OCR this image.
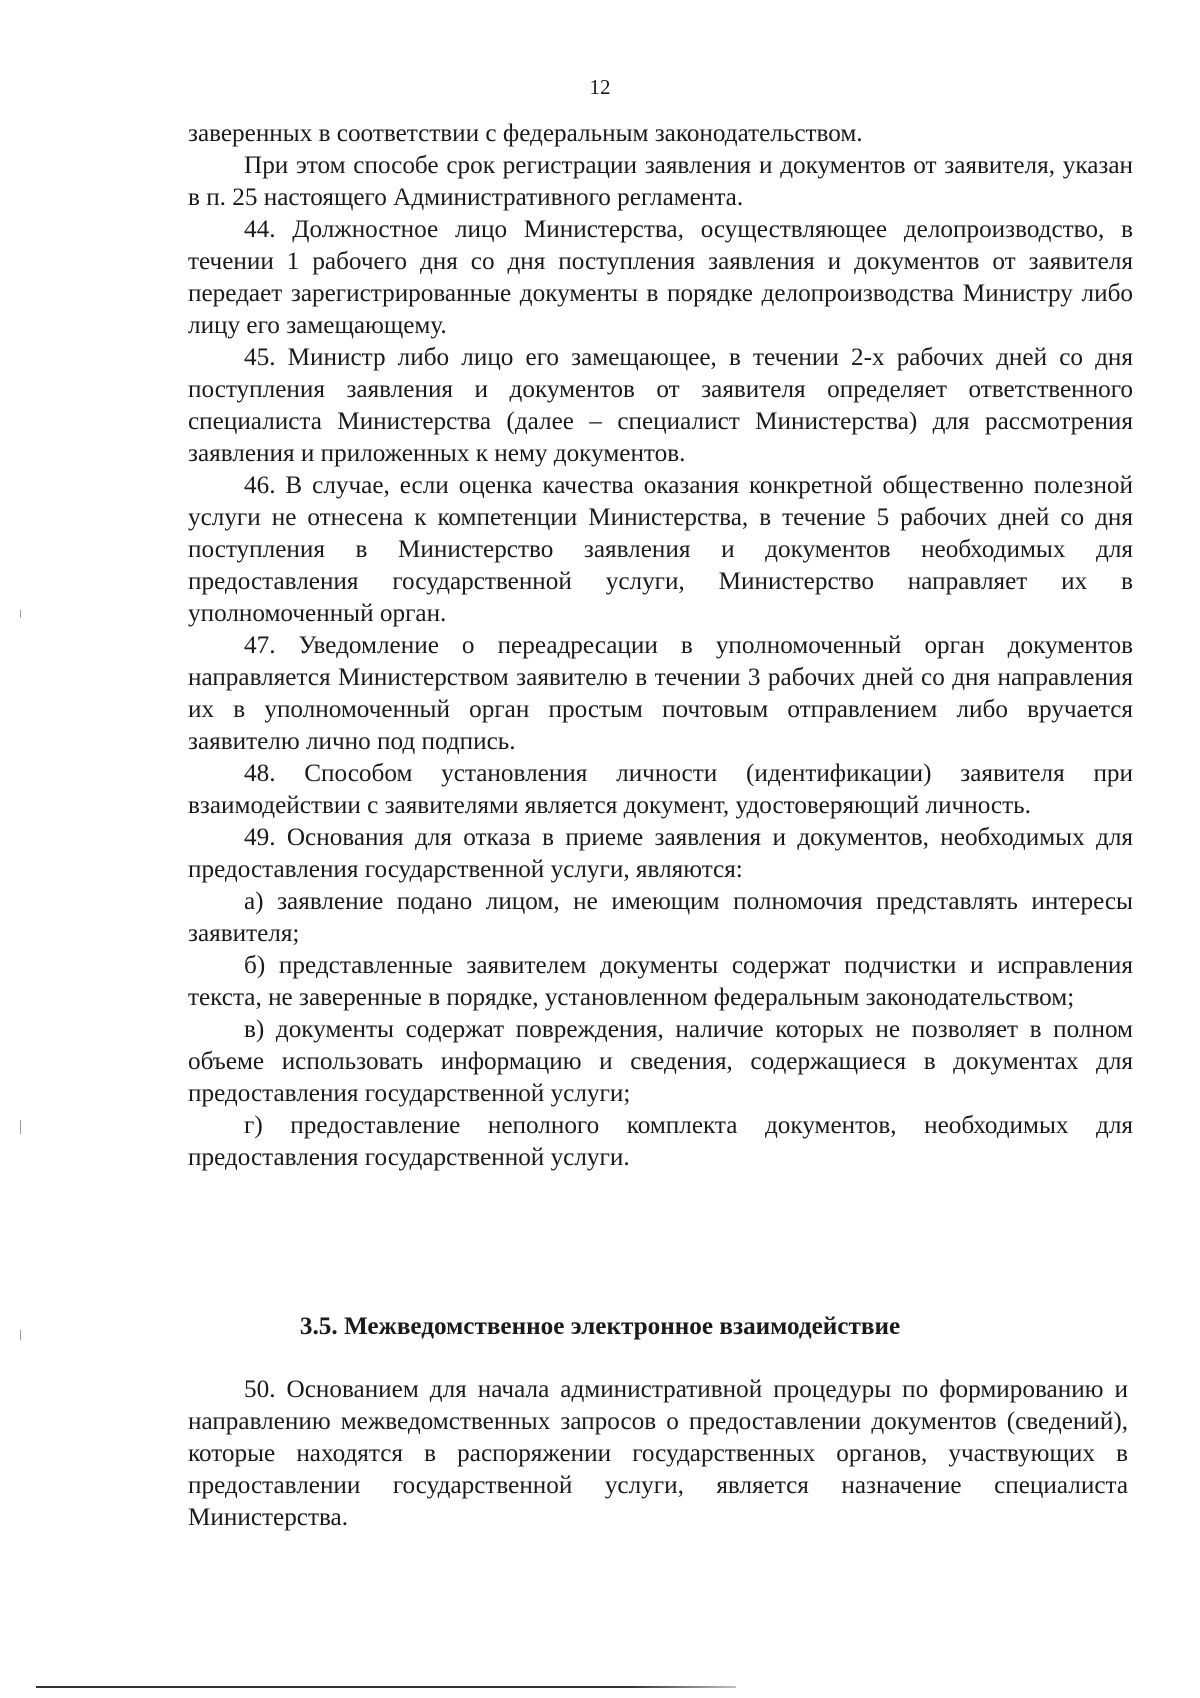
12

заверенных в соответствии с федеральным законодательством.

При этом способе срок регистрации заявления и документов от заявителя, указан в п. 25 настоящего Административного регламента.

44. Должностное лицо Министерства, осуществляющее делопроизводство, в течении 1 рабочего дня со дня поступления заявления и документов от заявителя передает зарегистрированные документы в порядке делопроизводства Министру либо лицу его замещающему.

45. Министр либо лицо его замещающее, в течении 2-х рабочих дней со дня поступления заявления и документов от заявителя определяет ответственного специалиста Министерства (далее – специалист Министерства) для рассмотрения заявления и приложенных к нему документов.

46. В случае, если оценка качества оказания конкретной общественно полезной услуги не отнесена к компетенции Министерства, в течение 5 рабочих дней со дня поступления в Министерство заявления и документов необходимых для предоставления государственной услуги, Министерство направляет их в уполномоченный орган.

47. Уведомление о переадресации в уполномоченный орган документов направляется Министерством заявителю в течении 3 рабочих дней со дня направления их в уполномоченный орган простым почтовым отправлением либо вручается заявителю лично под подпись.

48. Способом установления личности (идентификации) заявителя при взаимодействии с заявителями является документ, удостоверяющий личность.

49. Основания для отказа в приеме заявления и документов, необходимых для предоставления государственной услуги, являются:

а) заявление подано лицом, не имеющим полномочия представлять интересы заявителя;

б) представленные заявителем документы содержат подчистки и исправления текста, не заверенные в порядке, установленном федеральным законодательством;

в) документы содержат повреждения, наличие которых не позволяет в полном объеме использовать информацию и сведения, содержащиеся в документах для предоставления государственной услуги;

г) предоставление неполного комплекта документов, необходимых для предоставления государственной услуги.

3.5. Межведомственное электронное взаимодействие

50. Основанием для начала административной процедуры по формированию и направлению межведомственных запросов о предоставлении документов (сведений), которые находятся в распоряжении государственных органов, участвующих в предоставлении государственной услуги, является назначение специалиста Министерства.
